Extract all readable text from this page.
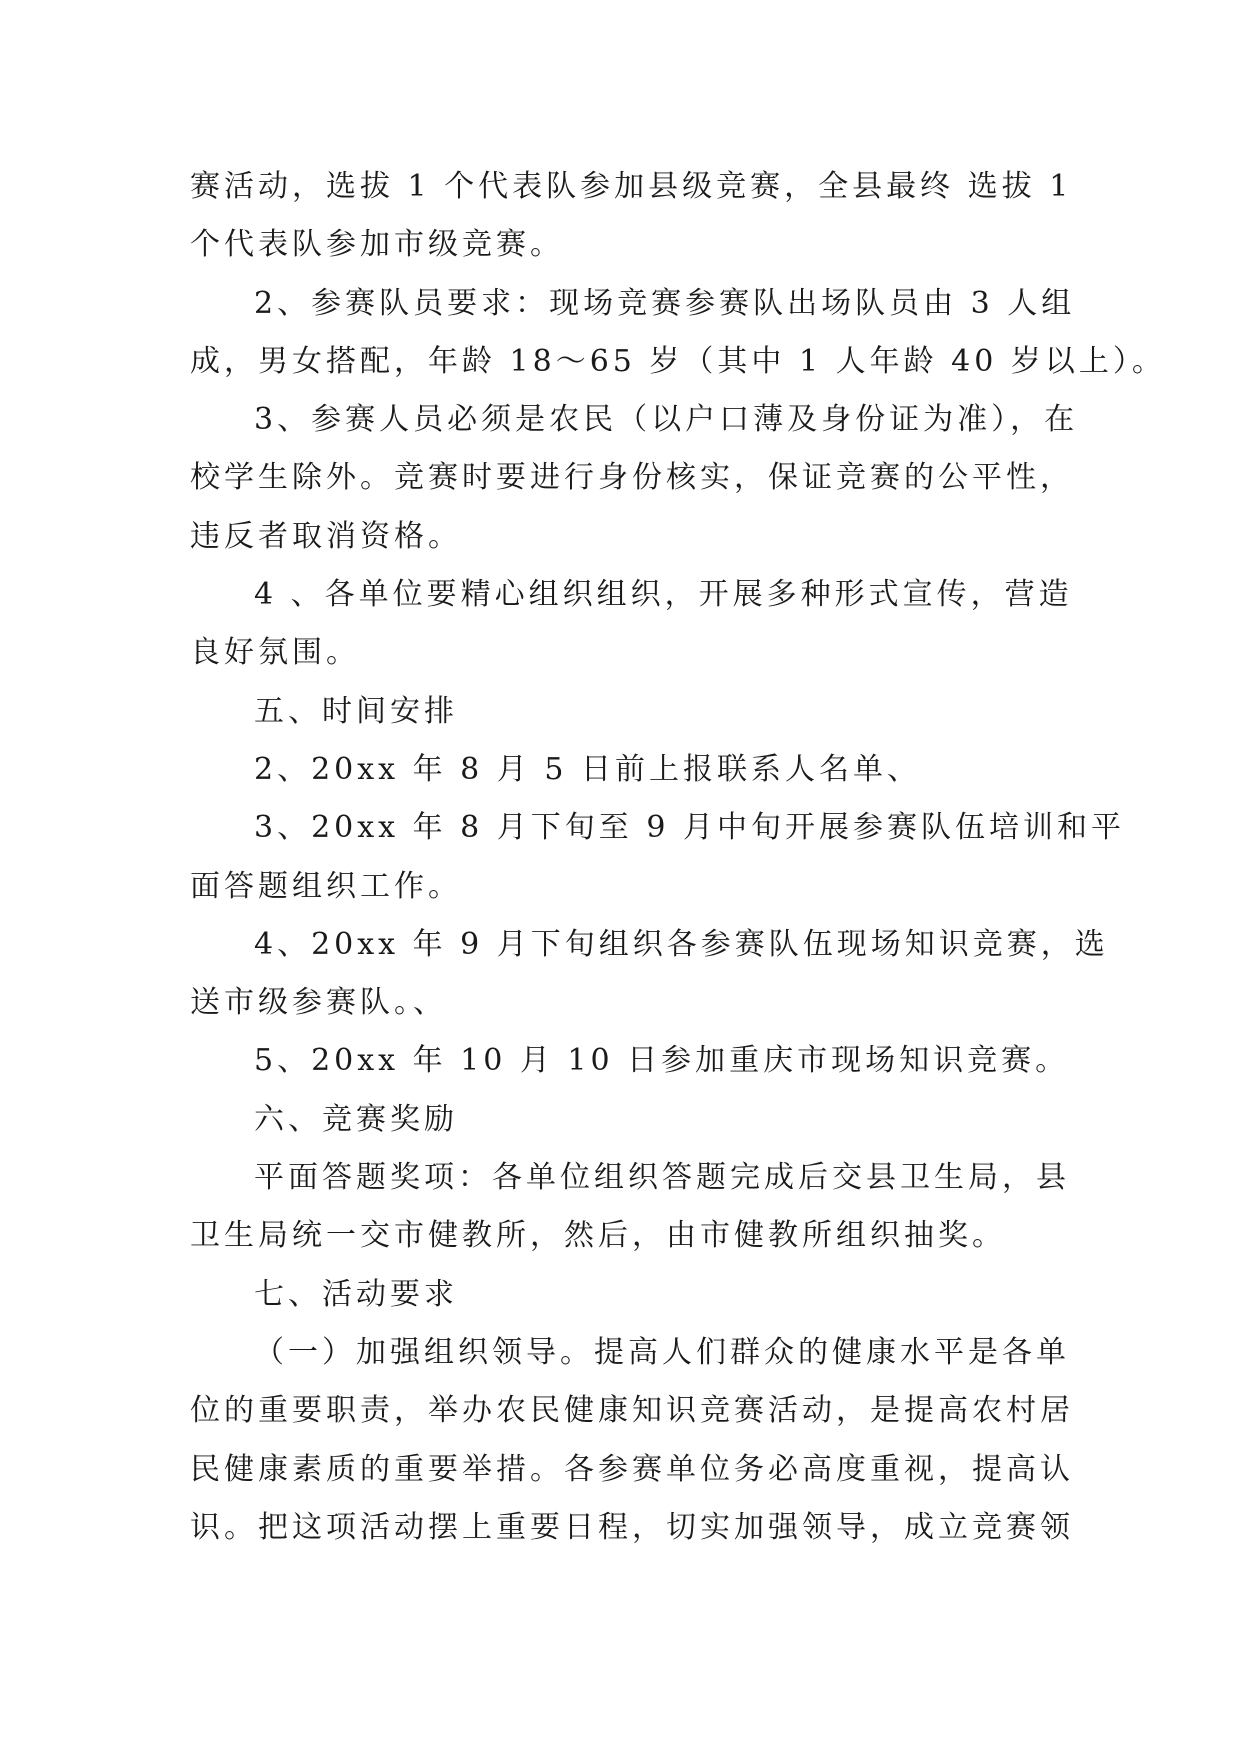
赛活动，选拔 1 个代表队参加县级竞赛，全县最终 选拔 1
个代表队参加市级竞赛。
2、参赛队员要求：现场竞赛参赛队出场队员由 3 人组
成，男女搭配，年龄 18～65 岁（其中 1 人年龄 40 岁以上）。
3、参赛人员必须是农民（以户口薄及身份证为准），在
校学生除外。竞赛时要进行身份核实，保证竞赛的公平性，
违反者取消资格。
4 、各单位要精心组织组织，开展多种形式宣传，营造
良好氛围。
五、时间安排
2、20xx 年 8 月 5 日前上报联系人名单、
3、20xx 年 8 月下旬至 9 月中旬开展参赛队伍培训和平
面答题组织工作。
4、20xx 年 9 月下旬组织各参赛队伍现场知识竞赛，选
送市级参赛队。、
5、20xx 年 10 月 10 日参加重庆市现场知识竞赛。
六、竞赛奖励
平面答题奖项：各单位组织答题完成后交县卫生局，县
卫生局统一交市健教所，然后，由市健教所组织抽奖。
七、活动要求
（一）加强组织领导。提高人们群众的健康水平是各单
位的重要职责，举办农民健康知识竞赛活动，是提高农村居
民健康素质的重要举措。各参赛单位务必高度重视，提高认
识。把这项活动摆上重要日程，切实加强领导，成立竞赛领
